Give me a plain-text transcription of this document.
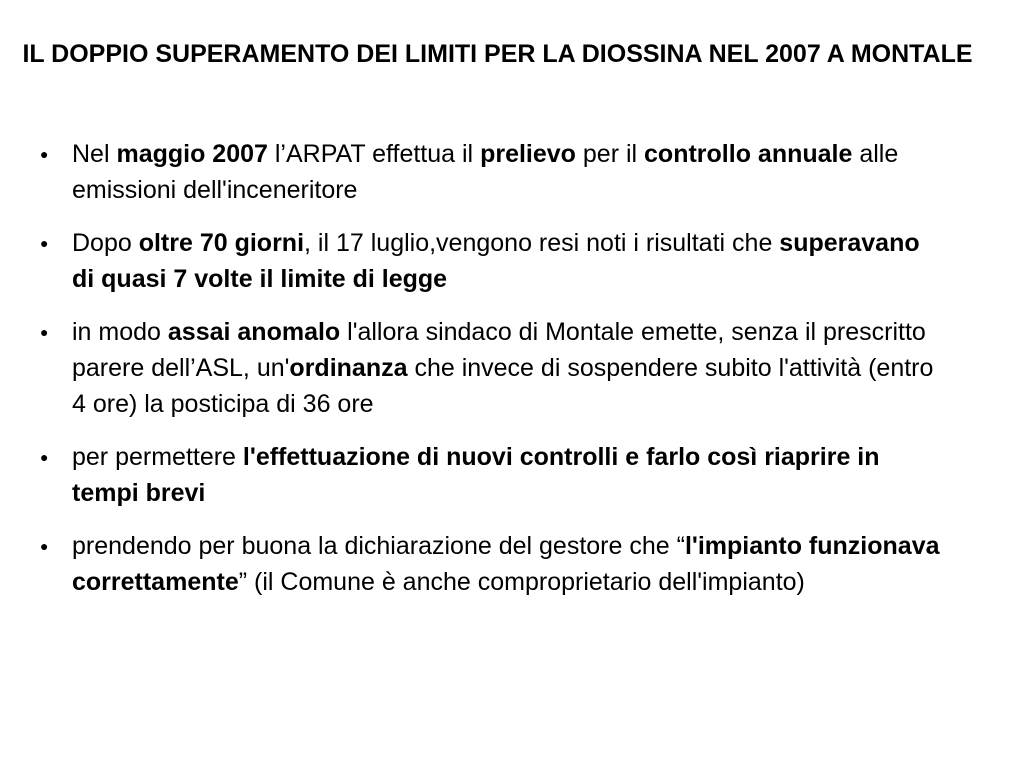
IL DOPPIO SUPERAMENTO DEI LIMITI PER LA DIOSSINA NEL 2007 A MONTALE
● Nel maggio 2007 l’ARPAT effettua il prelievo per il controllo annuale alle emissioni dell'inceneritore
● Dopo oltre 70 giorni, il 17 luglio,vengono resi noti i risultati che superavano di quasi 7 volte il limite di legge
● in modo assai anomalo l'allora sindaco di Montale emette, senza il prescritto parere dell’ASL, un'ordinanza che invece di sospendere subito l'attività (entro 4 ore) la posticipa di 36 ore
● per permettere l'effettuazione di nuovi controlli e farlo così riaprire in tempi brevi
● prendendo per buona la dichiarazione del gestore che “l'impianto funzionava correttamente” (il Comune è anche comproprietario dell'impianto)
